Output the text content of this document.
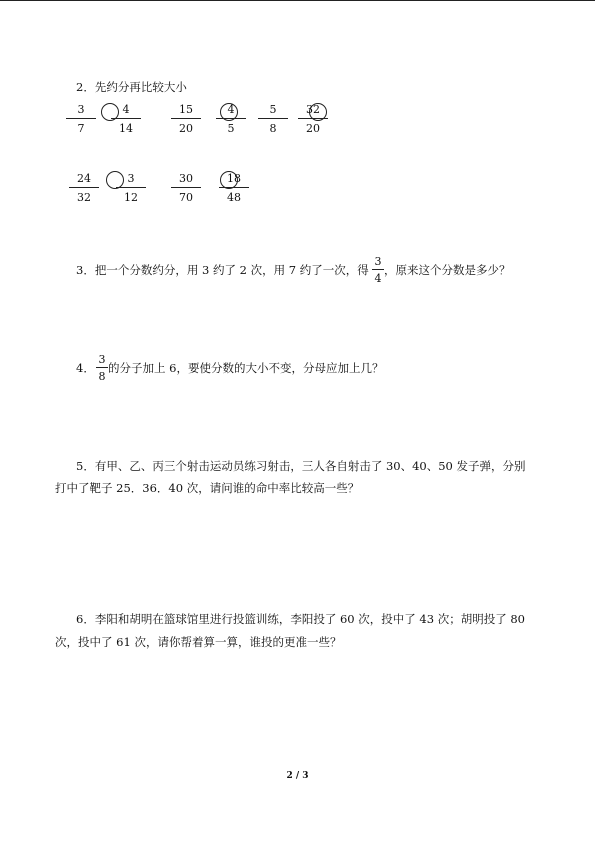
2．先约分再比较大小
3
7
4
14
15
20
4
5
5
8
32
20
24
32
3
12
30
70
18
48
3．把一个分数约分，用 3 约了 2 次，用 7 约了一次，得
3
4
，原来这个分数是多少？
4．
3
8
的分子加上 6，要使分数的大小不变，分母应加上几？
5．有甲、乙、丙三个射击运动员练习射击，三人各自射击了 30、40、50 发子弹，分别
打中了靶子 25．36．40 次，请问谁的命中率比较高一些？
6．李阳和胡明在篮球馆里进行投篮训练，李阳投了 60 次，投中了 43 次；胡明投了 80
次，投中了 61 次，请你帮着算一算，谁投的更准一些？
2 / 3
